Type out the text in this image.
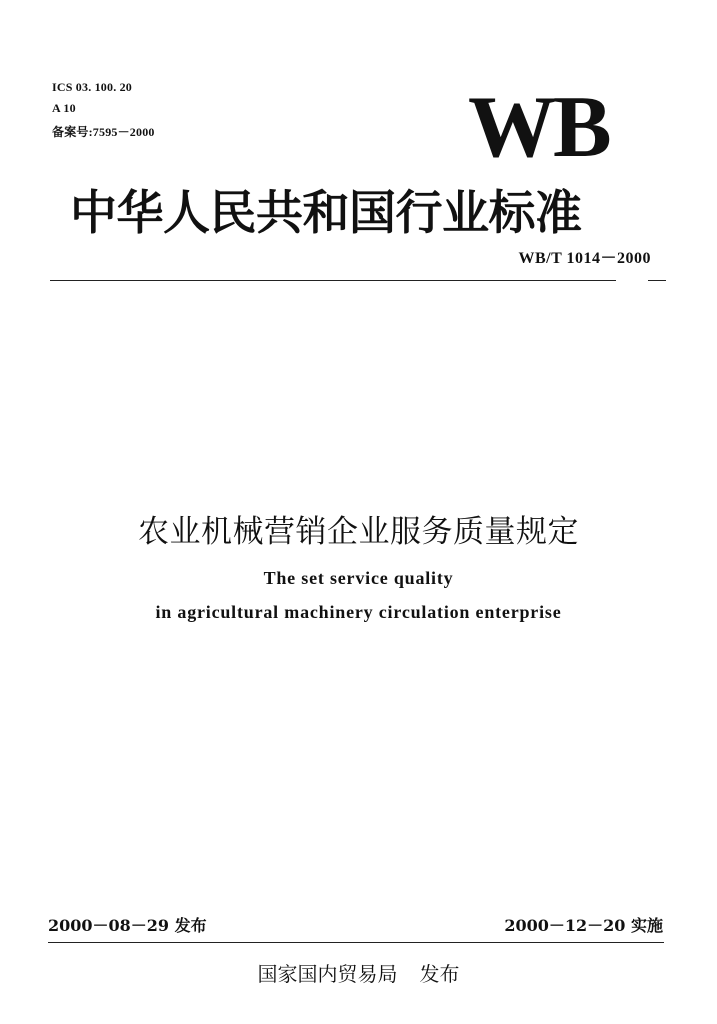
ICS 03. 100. 20
A 10
备案号:7595－2000	WB
中华人民共和国行业标准
WB/T 1014－2000
农业机械营销企业服务质量规定
The set service quality
in agricultural machinery circulation enterprise
2000－08－29 发布	2000－12－20 实施
国家国内贸易局 发布
